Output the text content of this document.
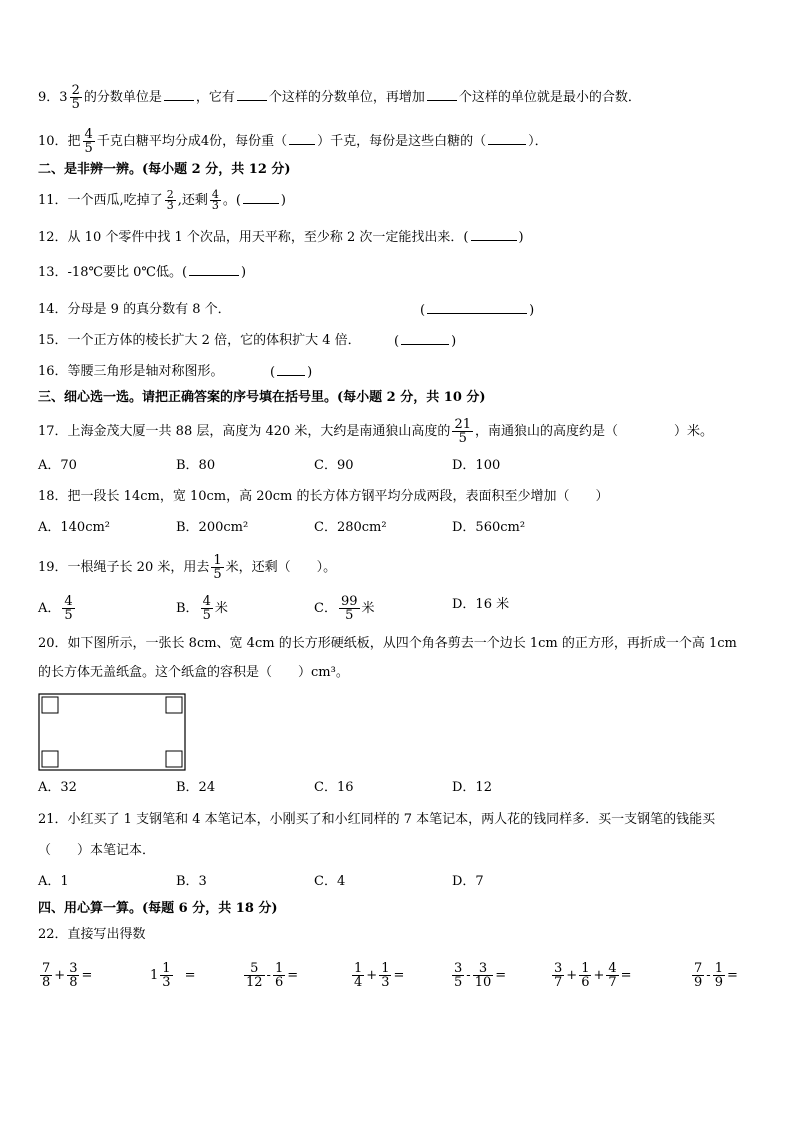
9．$3 \frac{2}{5}$ 的分数单位是	，它有	个这样的分数单位，再增加	个这样的单位就是最小的合数．
10．把 $\frac{4}{5}$ 千克白糖平均分成4份，每份重（ ）千克，每份是这些白糖的（	）．
二、是非辨一辨。(每小题 2 分，共 12 分)
11．一个西瓜,吃掉了 $\frac{2}{3}$ ,还剩 $\frac{4}{3}$ 。(	)
12．从 10 个零件中找 1 个次品，用天平称，至少称 2 次一定能找出来．(	)
13．-18℃要比 0℃低。(	)
14．分母是 9 的真分数有 8 个．	(	)
15．一个正方体的棱长扩大 2 倍，它的体积扩大 4 倍．	(	)
16．等腰三角形是轴对称图形。	( )
三、细心选一选。请把正确答案的序号填在括号里。(每小题 2 分，共 10 分)
17．上海金茂大厦一共 88 层，高度为 420 米，大约是南通狼山高度的 $\frac{21}{5}$ ，南通狼山的高度约是（	）米。
A．70	B．80	C．90	D．100
18．把一段长 14cm，宽 10cm，高 20cm 的长方体方钢平均分成两段，表面积至少增加（　　）
A．140cm²	B．200cm²	C．280cm²	D．560cm²
19．一根绳子长 20 米，用去 $\frac{1}{5}$ 米，还剩（　　）。
A． $\frac{4}{5}$	B． $\frac{4}{5}$ 米	C． $\frac{99}{5}$ 米	D．16 米
20．如下图所示，一张长 8cm、宽 4cm 的长方形硬纸板，从四个角各剪去一个边长 1cm 的正方形，再折成一个高 1cm
的长方体无盖纸盒。这个纸盒的容积是（　　）cm³。
A．32	B．24	C．16	D．12
21．小红买了 1 支钢笔和 4 本笔记本，小刚买了和小红同样的 7 本笔记本，两人花的钱同样多．买一支钢笔的钱能买
（　　）本笔记本．
A．1	B．3	C．4	D．7
四、用心算一算。(每题 6 分，共 18 分)
22．直接写出得数
$\frac{7}{8} + \frac{3}{8}$ =	$1 \frac{1}{3}$ =	$\frac{5}{12} - \frac{1}{6}$ =	$\frac{1}{4} + \frac{1}{3}$ =	$\frac{3}{5} - \frac{3}{10}$ =	$\frac{3}{7} + \frac{1}{6} + \frac{4}{7}$ =	$\frac{7}{9} - \frac{1}{9}$ =
